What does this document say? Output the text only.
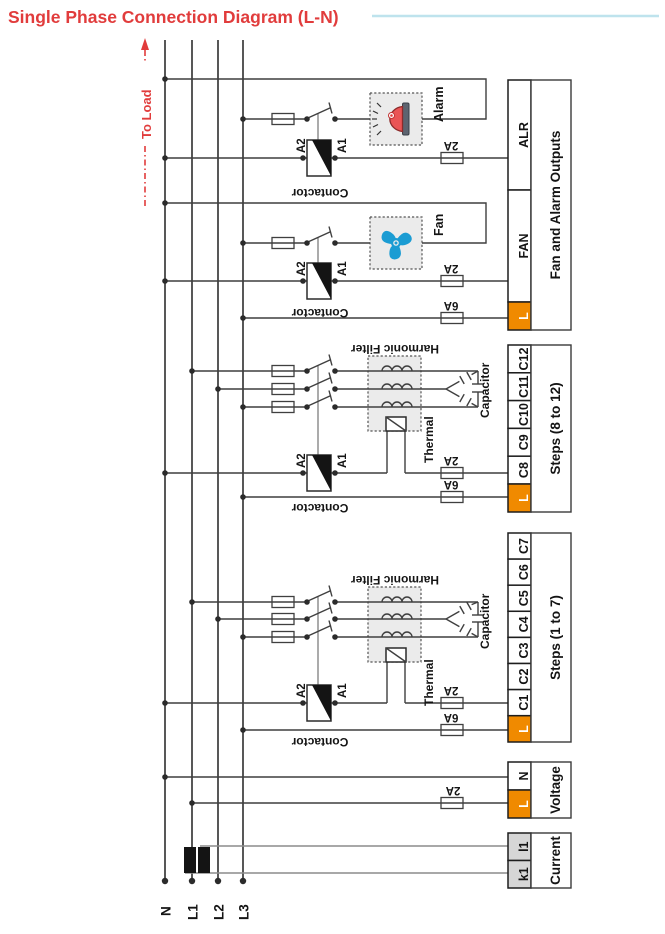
Single Phase Connection Diagram (L-N)
To Load
N L1 L2 L3
Alarm
A2	A1
Contactor
2A
Fan
A2	A1
Contactor
2A
6A
Harmonic Filter
Thermal
Capacitor
A2	A1
Contactor
2A
6A
Harmonic Filter
Thermal
Capacitor
A2	A1
Contactor
2A
6A
2A
ALR
FAN
L
Fan and Alarm Outputs
C12
C11
C10
C9
C8
L
Steps (8 to 12)
C7
C6
C5
C4
C3
C2
C1
L
Steps (1 to 7)
N
L Voltage
l1
k1 Current
